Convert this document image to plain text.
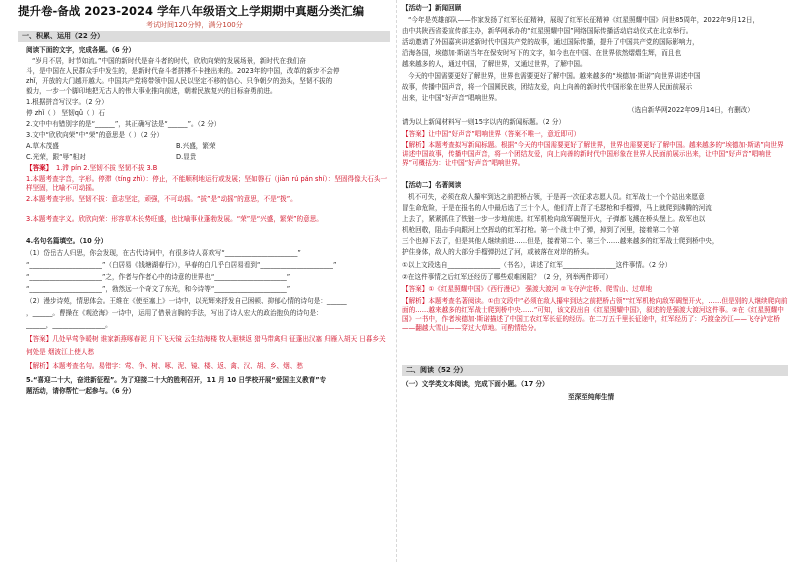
提升卷-备战 2023-2024 学年八年级语文上学期期中真题分类汇编
考试时间120分钟，满分100分
一、积累、运用（22 分）
阅读下面的文字，完成各题。（6 分）
“岁月不居，时节如流。”中国的新时代是奋斗者的时代，欣欣向荣的发展场景，新时代在我们奋
斗，是中国在人民群众手中发生的，是新时代奋斗者拼搏不卡挫出来的。2023年的中国，改革的新步不会停
zhǐ，开放的大门越开越大。中国共产党将带领中国人民以坚定不移的信心、只争朝夕的劲头，坚韧不拔的
毅力，一步一个脚印地把无古人的伟大事业推向前进，朝着民族复兴的目标奋勇前进。
1.根据拼音写汉字。（2 分）
停 zhǐ（ ） 坚韧qǜ（ ）石
2.文中中有错别字的是“______”，其正确写法是“______”。（2 分）
3.文中“欣欣向荣”中“荣”的意思是（ ）（2 分）
A.草木茂盛	B.兴盛，繁荣
C.光荣，跟“辱”相对	D.显贵
【答案】 1.滞 pín 2.坚韧不拔 坚韧不拔 3.B
1.本题考查字音，字形。停滞（tíng zhì）：停止，不能顺利地运行或发展；坚如磐石（jiān rú pán shí）：坚固得像大石头一样坚固，比喻不可动摇。
2.本题考查字形。坚韧不拔：意志坚定，顽强，不可动摇。“拔”是“动摇”的意思，不是“拨”。
3.本题考查字义。欣欣向荣：形容草木长势旺盛，也比喻事业蓬勃发展。“荣”是“兴盛，繁荣”的意思。
4.名句名篇填空。（10 分）
（1）岱岳古人归思，你会发现，在古代诗词中，有很多诗人喜欢写“______________________”
“______________________”（白居易《钱塘湖春行》），早春的白几乎白居易看到“______________________”
“______________________”之，作者与作者心中的诗意的世界也“______________________”
“______________________”，勃然远一个奇文了东光，和今诗等“______________________”
（2）漫步诗苑，情思体会。王维在《使至塞上》一诗中，以光辉来抒发自己困顿、抑郁心情的诗句是：______
，______。曹操在《观沧海》一诗中，运用了借景言胸的手法，写出了诗人宏大的政治抱负的诗句是：
______，________________。
【答案】几处早莺争暖树 谁家新燕啄春泥 月下飞天镜 云生结海楼 牧人驱犊返 猎马带禽归 征蓬出汉塞 归雁入胡天 日暮乡关何处是 烟波江上使人愁
【解析】本题考查名句。易错字：莺、争、树、啄、泥、镜、楼、返、禽、汉、胡、乡、烟、愁
5.“喜迎二十大，奋进新征程”。为了迎接二十大的胜利召开，11 月 10 日学校开展“爱国主义教育”专
题活动，请你帮忙一起参与。（6 分）
【活动一】新闻回顾
“今年是英雄部队——作家发扬了红军长征精神，展现了红军长征精神《红星照耀中国》问世85周年，2022年9月12日，
由中共陕西省委宣传部主办，新华网承办的“红星照耀中国”网络国际传播活动启动仪式在北京举行。
活动邀请了外国嘉宾讲述新时代中国共产党的故事，通过国际传播，提升了中国共产党的国际影响力，
沿海各国，埃德加·斯诺当年在保安时写下的文字，如今也在中国、在世界依然熠熠生辉，而且也
越来越多的人，通过中国，了解世界，又通过世界，了解中国。
今天的中国需要更好了解世界，世界也需要更好了解中国。越来越多的“埃德加·斯诺”向世界讲述中国
故事，传播中国声音，将一个国圆民族，团结友爱，向上向善的新时代中国形象在世界人民面前展示
出来，让中国“好声音”唱响世界。
（选自新华网2022年09月14日，有删改）
请为以上新闻材料写一则15字以内的新闻标题。（2 分）
【答案】让中国“好声音”唱响世界（答案不唯一，意近即可）
【解析】本题考查拟写新闻标题。根据“今天的中国需要更好了解世界，世界也需要更好了解中国。越来越多的“埃德加·斯诺”向世界讲述中国故事，传播中国声音，将一个团结友爱，向上向善的新时代中国形象在世界人民面前展示出来，让中国“好声音”唱响世界”可概括为：让中国“好声音”唱响世界。
【活动二】名著阅读
机不可失，必须在敌人攥牢到达之前把桥占领，于是再一次征求志愿人员。红军战士一个个站出来愿意
冒生命危险，于是在报名的人中最后选了三十个人，他们背上背了毛瑟枪和手榴弹，马上就爬到沸腾的河流
上去了，紧紧抓住了铁链一步一步地前进。红军机枪向敌军碉堡开火，子弹都飞溅在桥头堡上。敌军也以
机枪回敬，阻击手向跟河上空挥动的红军打枪。第一个战士中了弹，掉到了河里，接着第二个第
三个也掉下去了，但是其他人继续前进……但是，接着第二个、第三个……越来越多的红军战士爬到桥中央，
护住身体，敌人的大部分手榴弹扔过了河，或被落在对岸的桥头。
①以上文段选自________________（书名），讲述了红军________________这件事情。（2 分）
②在这件事情之后红军还经历了哪些艰难困阻？（2 分，列举两件即可）
【答案】①《红星照耀中国》《西行漫记》 强渡大渡河 ②飞夺泸定桥、爬雪山、过草地
【解析】本题考查名著阅读。①由文段中“必须在敌人攥牢到达之前把桥占领”“红军机枪向敌军碉堡开火，……但是别的人继续爬向前面的……越来越多的红军战士爬到桥中央……”可知，该文段出自《红星照耀中国》，叙述的是强渡大渡河这件事。②在《红星照耀中国》一书中，作者埃德加·斯诺描述了中国工农红军长征的经历。在二万五千里长征途中，红军经历了：巧渡金沙江——飞夺泸定桥——翻越大雪山——穿过大草地。可酌情给分。
二、阅读（52 分）
（一）文学类文本阅读，完成下面小题。（17 分）
至深至纯师生情
